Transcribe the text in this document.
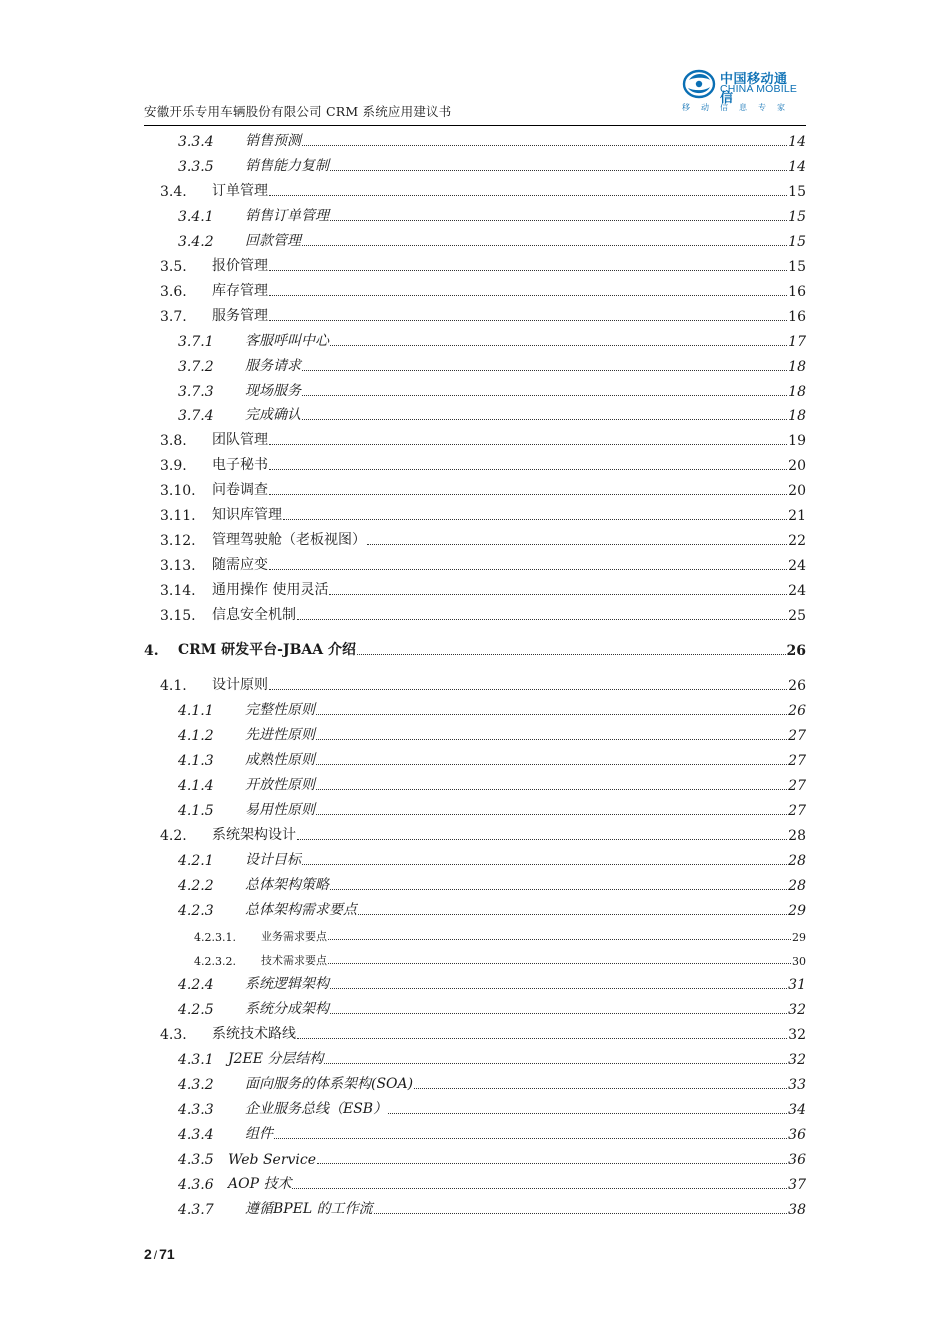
安徽开乐专用车辆股份有限公司 CRM 系统应用建议书
中国移动通信
CHINA MOBILE
移动信息专家
3.3.4 销售预测	14
3.3.5 销售能力复制	14
3.4. 订单管理	15
3.4.1 销售订单管理	15
3.4.2 回款管理	15
3.5. 报价管理	15
3.6. 库存管理	16
3.7. 服务管理	16
3.7.1 客服呼叫中心	17
3.7.2 服务请求	18
3.7.3 现场服务	18
3.7.4 完成确认	18
3.8. 团队管理	19
3.9. 电子秘书	20
3.10. 问卷调查	20
3.11. 知识库管理	21
3.12. 管理驾驶舱（老板视图）	22
3.13. 随需应变	24
3.14. 通用操作 使用灵活	24
3.15. 信息安全机制	25
4. CRM 研发平台-JBAA 介绍	26
4.1. 设计原则	26
4.1.1 完整性原则	26
4.1.2 先进性原则	27
4.1.3 成熟性原则	27
4.1.4 开放性原则	27
4.1.5 易用性原则	27
4.2. 系统架构设计	28
4.2.1 设计目标	28
4.2.2 总体架构策略	28
4.2.3 总体架构需求要点	29
4.2.3.1. 业务需求要点	29
4.2.3.2. 技术需求要点	30
4.2.4 系统逻辑架构	31
4.2.5 系统分成架构	32
4.3. 系统技术路线	32
4.3.1 J2EE 分层结构	32
4.3.2 面向服务的体系架构(SOA)	33
4.3.3 企业服务总线（ESB）	34
4.3.4 组件	36
4.3.5 Web Service	36
4.3.6 AOP 技术	37
4.3.7 遵循BPEL 的工作流	38
2 / 71
